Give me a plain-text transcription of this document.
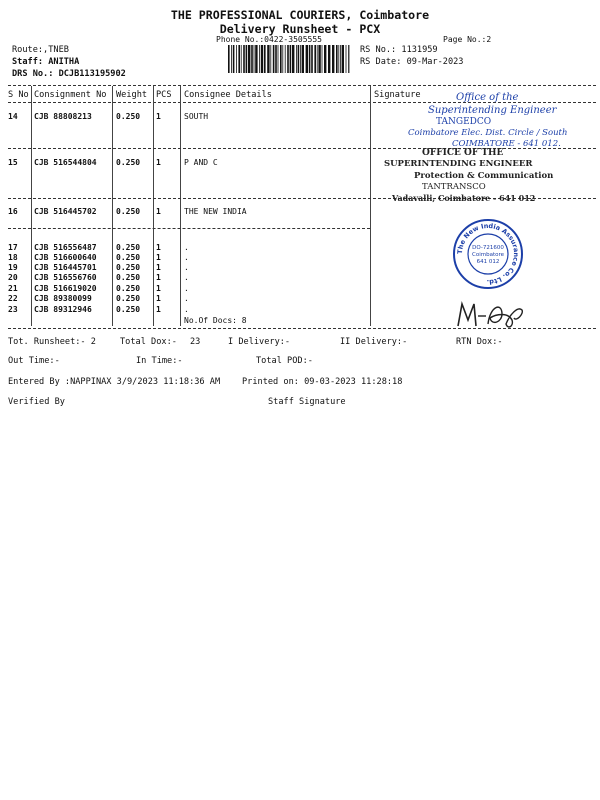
THE PROFESSIONAL COURIERS, Coimbatore
Delivery Runsheet - PCX
Phone No.:0422-3505555	Page No.:2
Route:,TNEB
Staff: ANITHA
DRS No.: DCJB113195902
RS No.: 1131959
RS Date: 09-Mar-2023
S No Consignment No Weight PCS Consignee Details	Signature
14 CJB 88808213	0.250 1	SOUTH
15 CJB 516544804 0.250 1	P AND C
16 CJB 516445702 0.250 1	THE NEW INDIA
17 CJB 516556487 0.250 1	.
18 CJB 516600640 0.250 1	.
19 CJB 516445701 0.250 1	.
20 CJB 516556760 0.250 1	.
21 CJB 516619020 0.250 1	.
22 CJB 89380099	0.250 1	.
23 CJB 89312946	0.250 1	.
No.Of Docs: 8
Office of the
Superintending Engineer
TANGEDCO
Coimbatore Elec. Dist. Circle / South
COIMBATORE - 641 012.
OFFICE OF THE
SUPERINTENDING ENGINEER
Protection & Communication
TANTRANSCO
Vadavalli, Coimbatore - 641 012
The New India Assurance Co. Ltd.
DO-721600
Coimbatore
641 012
Tot. Runsheet:- 2	Total Dox:- 23	I Delivery:-	II Delivery:-	RTN Dox:-
Out Time:-	In Time:-	Total POD:-
Entered By :NAPPINAX 3/9/2023 11:18:36 AM	Printed on: 09-03-2023 11:28:18
Verified By	Staff Signature
